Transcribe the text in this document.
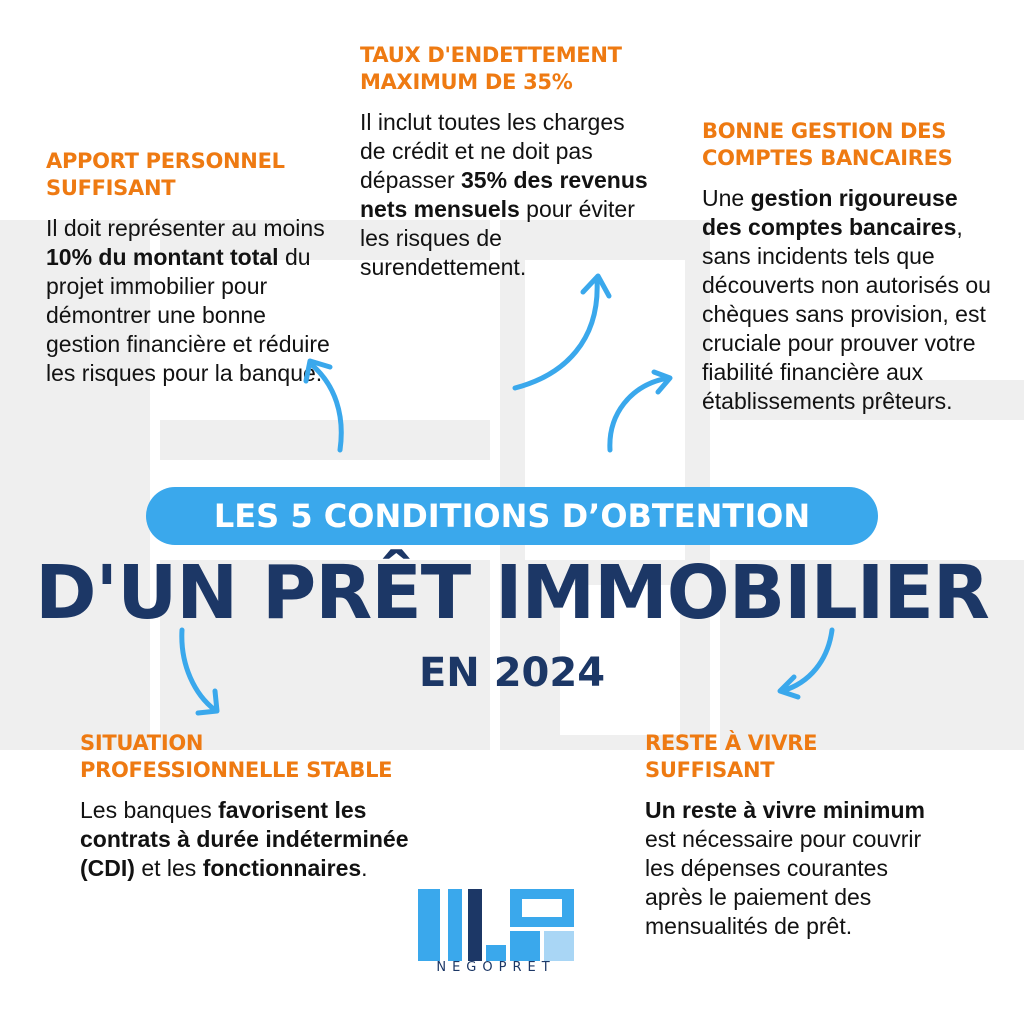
APPORT PERSONNEL SUFFISANT
Il doit représenter au moins 10% du montant total du projet immobilier pour démontrer une bonne gestion financière et réduire les risques pour la banque.
TAUX D'ENDETTEMENT MAXIMUM DE 35%
Il inclut toutes les charges de crédit et ne doit pas dépasser 35% des revenus nets mensuels pour éviter les risques de surendettement.
BONNE GESTION DES COMPTES BANCAIRES
Une gestion rigoureuse des comptes bancaires, sans incidents tels que découverts non autorisés ou chèques sans provision, est cruciale pour prouver votre fiabilité financière aux établissements prêteurs.
SITUATION PROFESSIONNELLE STABLE
Les banques favorisent les contrats à durée indéterminée (CDI) et les fonctionnaires.
RESTE À VIVRE SUFFISANT
Un reste à vivre minimum est nécessaire pour couvrir les dépenses courantes après le paiement des mensualités de prêt.
LES 5 CONDITIONS D’OBTENTION
D'UN PRÊT IMMOBILIER
EN 2024
NEGOPRET
